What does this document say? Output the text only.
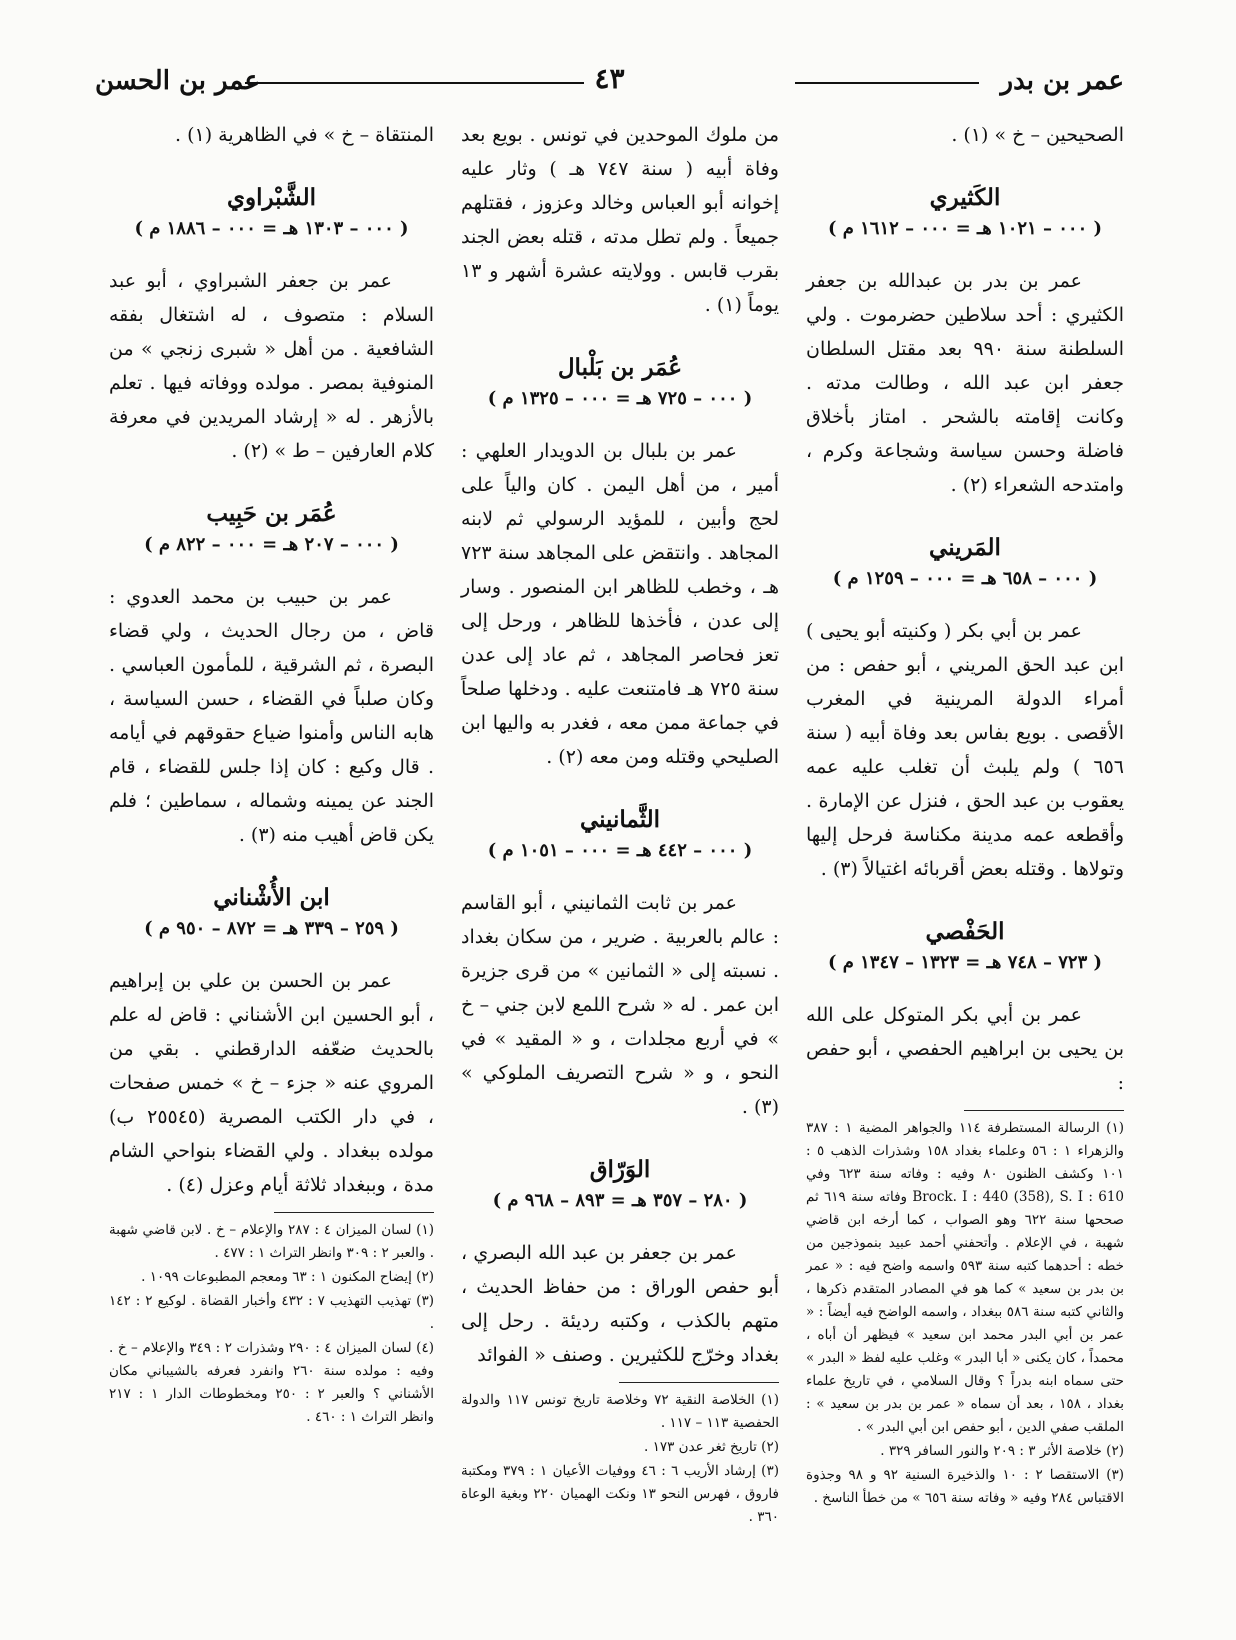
عمر بن بدر
٤٣
عمر بن الحسن

الصحيحين – خ » (١) .

الكَثيري
( ٠٠٠ – ١٠٢١ هـ = ٠٠٠ – ١٦١٢ م )

عمر بن بدر بن عبدالله بن جعفر الكثيري : أحد سلاطين حضرموت . ولي السلطنة سنة ٩٩٠ بعد مقتل السلطان جعفر ابن عبد الله ، وطالت مدته . وكانت إقامته بالشحر . امتاز بأخلاق فاضلة وحسن سياسة وشجاعة وكرم ، وامتدحه الشعراء (٢) .

المَريني
( ٠٠٠ – ٦٥٨ هـ = ٠٠٠ – ١٢٥٩ م )

عمر بن أبي بكر ( وكنيته أبو يحيى ) ابن عبد الحق المريني ، أبو حفص : من أمراء الدولة المرينية في المغرب الأقصى . بويع بفاس بعد وفاة أبيه ( سنة ٦٥٦ ) ولم يلبث أن تغلب عليه عمه يعقوب بن عبد الحق ، فنزل عن الإمارة . وأقطعه عمه مدينة مكناسة فرحل إليها وتولاها . وقتله بعض أقربائه اغتيالاً (٣) .

الحَفْصي
( ٧٢٣ – ٧٤٨ هـ = ١٣٢٣ – ١٣٤٧ م )

عمر بن أبي بكر المتوكل على الله بن يحيى بن ابراهيم الحفصي ، أبو حفص :

(١) الرسالة المستطرفة ١١٤ والجواهر المضية ١ : ٣٨٧ والزهراء ١ : ٥٦ وعلماء بغداد ١٥٨ وشذرات الذهب ٥ : ١٠١ وكشف الظنون ٨٠ وفيه : وفاته سنة ٦٢٣ وفي Brock. I : 440 (358), S. I : 610 وفاته سنة ٦١٩ ثم صححها سنة ٦٢٢ وهو الصواب ، كما أرخه ابن قاضي شهبة ، في الإعلام . وأتحفني أحمد عبيد بنموذجين من خطه : أحدهما كتبه سنة ٥٩٣ واسمه واضح فيه : « عمر بن بدر بن سعيد » كما هو في المصادر المتقدم ذكرها ، والثاني كتبه سنة ٥٨٦ ببغداد ، واسمه الواضح فيه أيضاً : « عمر بن أبي البدر محمد ابن سعيد » فيظهر أن أباه ، محمداً ، كان يكنى « أبا البدر » وغلب عليه لفظ « البدر » حتى سماه ابنه بدراً ؟ وقال السلامي ، في تاريخ علماء بغداد ، ١٥٨ ، بعد أن سماه « عمر بن بدر بن سعيد » : الملقب صفي الدين ، أبو حفص ابن أبي البدر » .
(٢) خلاصة الأثر ٣ : ٢٠٩ والنور السافر ٣٢٩ .
(٣) الاستقصا ٢ : ١٠ والذخيرة السنية ٩٢ و ٩٨ وجذوة الاقتباس ٢٨٤ وفيه « وفاته سنة ٦٥٦ » من خطأ الناسخ .

من ملوك الموحدين في تونس . بويع بعد وفاة أبيه ( سنة ٧٤٧ هـ ) وثار عليه إخوانه أبو العباس وخالد وعزوز ، فقتلهم جميعاً . ولم تطل مدته ، قتله بعض الجند بقرب قابس . وولايته عشرة أشهر و ١٣ يوماً (١) .

عُمَر بن بَلْبال
( ٠٠٠ – ٧٢٥ هـ = ٠٠٠ – ١٣٢٥ م )

عمر بن بلبال بن الدويدار العلهي : أمير ، من أهل اليمن . كان والياً على لحج وأبين ، للمؤيد الرسولي ثم لابنه المجاهد . وانتقض على المجاهد سنة ٧٢٣ هـ ، وخطب للظاهر ابن المنصور . وسار إلى عدن ، فأخذها للظاهر ، ورحل إلى تعز فحاصر المجاهد ، ثم عاد إلى عدن سنة ٧٢٥ هـ فامتنعت عليه . ودخلها صلحاً في جماعة ممن معه ، فغدر به واليها ابن الصليحي وقتله ومن معه (٢) .

الثَّمانيني
( ٠٠٠ – ٤٤٢ هـ = ٠٠٠ – ١٠٥١ م )

عمر بن ثابت الثمانيني ، أبو القاسم : عالم بالعربية . ضرير ، من سكان بغداد . نسبته إلى « الثمانين » من قرى جزيرة ابن عمر . له « شرح اللمع لابن جني – خ » في أربع مجلدات ، و « المقيد » في النحو ، و « شرح التصريف الملوكي » (٣) .

الوَرّاق
( ٢٨٠ – ٣٥٧ هـ = ٨٩٣ – ٩٦٨ م )

عمر بن جعفر بن عبد الله البصري ، أبو حفص الوراق : من حفاظ الحديث ، متهم بالكذب ، وكتبه رديئة . رحل إلى بغداد وخرّج للكثيرين . وصنف « الفوائد

(١) الخلاصة النقية ٧٢ وخلاصة تاريخ تونس ١١٧ والدولة الحفصية ١١٣ – ١١٧ .
(٢) تاريخ ثغر عدن ١٧٣ .
(٣) إرشاد الأريب ٦ : ٤٦ ووفيات الأعيان ١ : ٣٧٩ ومكتبة فاروق ، فهرس النحو ١٣ ونكت الهميان ٢٢٠ وبغية الوعاة ٣٦٠ .

المنتقاة – خ » في الظاهرية (١) .

الشَّبْراوي
( ٠٠٠ – ١٣٠٣ هـ = ٠٠٠ – ١٨٨٦ م )

عمر بن جعفر الشبراوي ، أبو عبد السلام : متصوف ، له اشتغال بفقه الشافعية . من أهل « شبرى زنجي » من المنوفية بمصر . مولده ووفاته فيها . تعلم بالأزهر . له « إرشاد المريدين في معرفة كلام العارفين – ط » (٢) .

عُمَر بن حَبِيب
( ٠٠٠ – ٢٠٧ هـ = ٠٠٠ – ٨٢٢ م )

عمر بن حبيب بن محمد العدوي : قاض ، من رجال الحديث ، ولي قضاء البصرة ، ثم الشرقية ، للمأمون العباسي . وكان صلباً في القضاء ، حسن السياسة ، هابه الناس وأمنوا ضياع حقوقهم في أيامه . قال وكيع : كان إذا جلس للقضاء ، قام الجند عن يمينه وشماله ، سماطين ؛ فلم يكن قاض أهيب منه (٣) .

ابن الأُشْناني
( ٢٥٩ – ٣٣٩ هـ = ٨٧٢ – ٩٥٠ م )

عمر بن الحسن بن علي بن إبراهيم ، أبو الحسين ابن الأشناني : قاض له علم بالحديث ضعّفه الدارقطني . بقي من المروي عنه « جزء – خ » خمس صفحات ، في دار الكتب المصرية (٢٥٥٤٥ ب) مولده ببغداد . ولي القضاء بنواحي الشام مدة ، وببغداد ثلاثة أيام وعزل (٤) .

(١) لسان الميزان ٤ : ٢٨٧ والإعلام – خ . لابن قاضي شهبة . والعبر ٢ : ٣٠٩ وانظر التراث ١ : ٤٧٧ .
(٢) إيضاح المكنون ١ : ٦٣ ومعجم المطبوعات ١٠٩٩ .
(٣) تهذيب التهذيب ٧ : ٤٣٢ وأخبار القضاة . لوكيع ٢ : ١٤٢ .
(٤) لسان الميزان ٤ : ٢٩٠ وشذرات ٢ : ٣٤٩ والإعلام – خ . وفيه : مولده سنة ٢٦٠ وانفرد فعرفه بالشيباني مكان الأشناني ؟ والعبر ٢ : ٢٥٠ ومخطوطات الدار ١ : ٢١٧ وانظر التراث ١ : ٤٦٠ .
